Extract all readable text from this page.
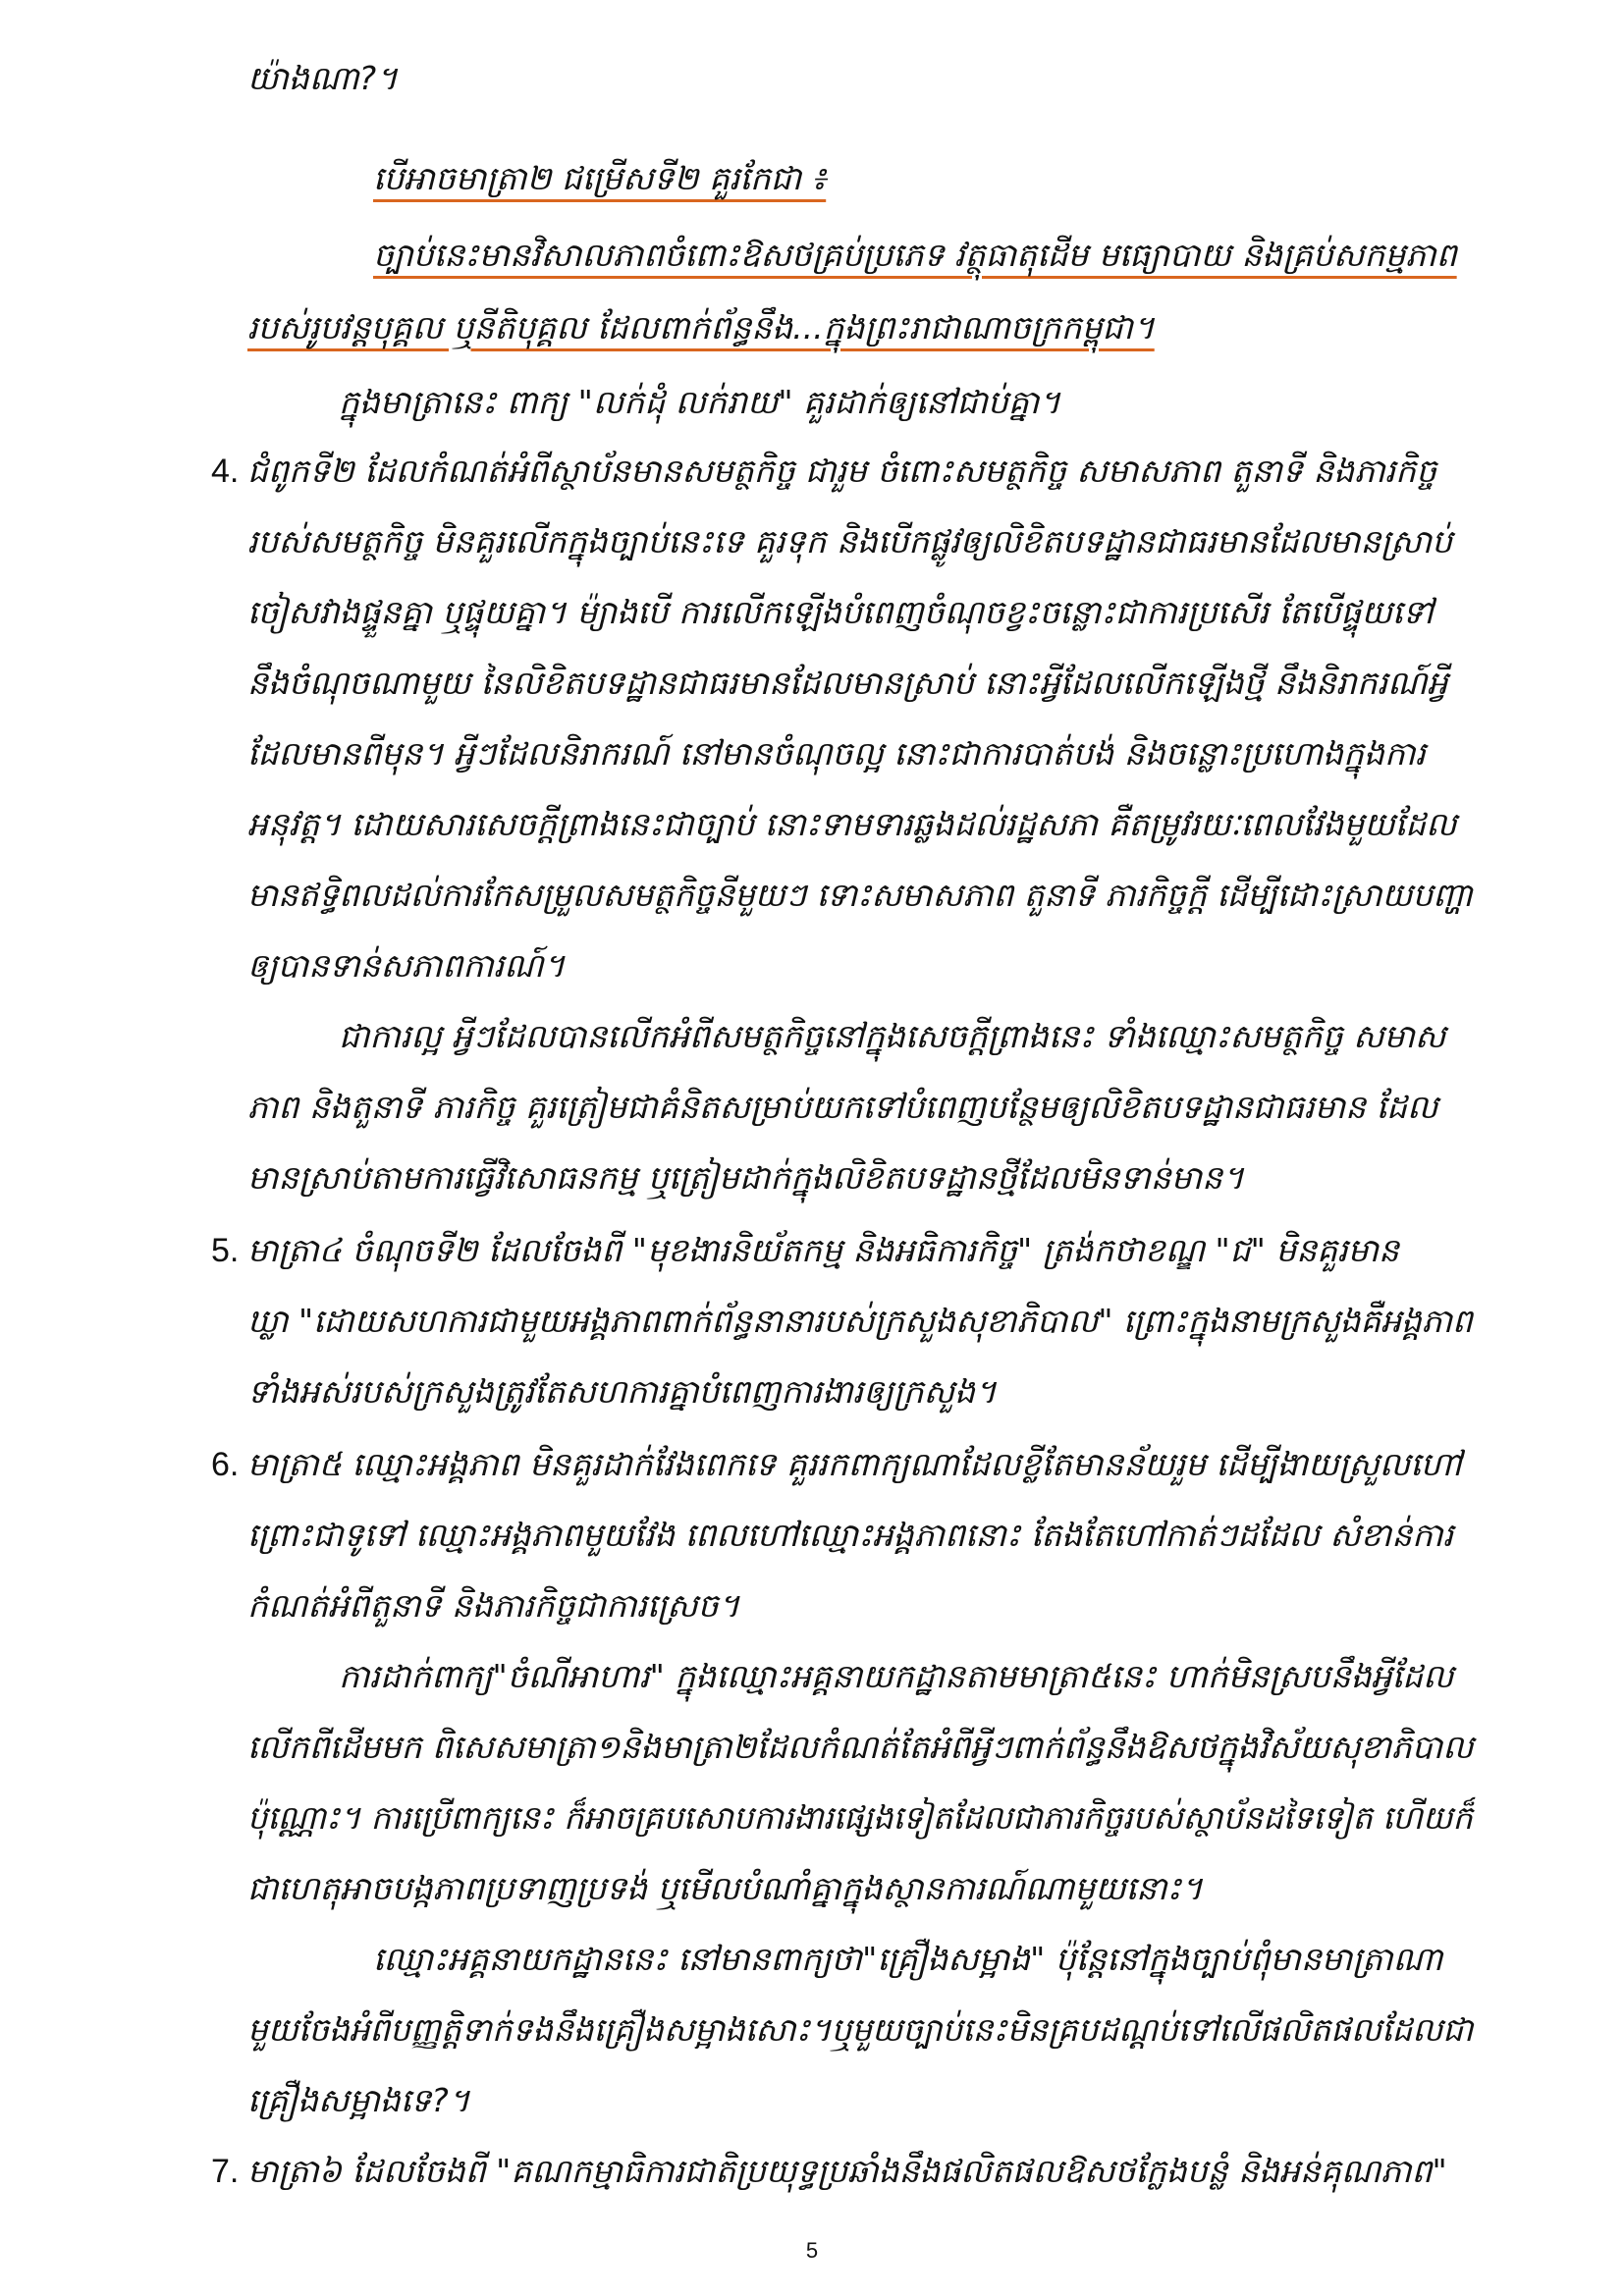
យ៉ាងណា?។
បើអាចមាត្រា២ ជម្រើសទី២ គួរកែជា ៖
ច្បាប់នេះមានវិសាលភាពចំពោះឱសថគ្រប់ប្រភេទ វត្ថុធាតុដើម មធ្យោបាយ និងគ្រប់សកម្មភាព
របស់រូបវន្តបុគ្គល ឬនីតិបុគ្គល ដែលពាក់ព័ន្ធនឹង...ក្នុងព្រះរាជាណាចក្រកម្ពុជា។
ក្នុងមាត្រានេះ ពាក្យ "លក់ដុំ លក់រាយ" គួរដាក់ឲ្យនៅជាប់គ្នា។
4. ជំពូកទី២ ដែលកំណត់អំពីស្ថាប័នមានសមត្ថកិច្ច ជារួម ចំពោះសមត្ថកិច្ច សមាសភាព តួនាទី និងភារកិច្ច
របស់សមត្ថកិច្ច មិនគួរលើកក្នុងច្បាប់នេះទេ គួរទុក និងបើកផ្លូវឲ្យលិខិតបទដ្ឋានជាធរមានដែលមានស្រាប់
ចៀសវាងផ្ទួនគ្នា ឬផ្ទុយគ្នា។ ម៉្យាងបើ ការលើកឡើងបំពេញចំណុចខ្វះចន្លោះជាការប្រសើរ តែបើផ្ទុយទៅ
នឹងចំណុចណាមួយ នៃលិខិតបទដ្ឋានជាធរមានដែលមានស្រាប់ នោះអ្វីដែលលើកឡើងថ្មី នឹងនិរាករណ៍អ្វី
ដែលមានពីមុន។ អ្វីៗដែលនិរាករណ៍ នៅមានចំណុចល្អ នោះជាការបាត់បង់ និងចន្លោះប្រហោងក្នុងការ
អនុវត្ត។ ដោយសារសេចក្តីព្រាងនេះជាច្បាប់ នោះទាមទារឆ្លងដល់រដ្ឋសភា គឺតម្រូវរយៈពេលវែងមួយដែល
មានឥទ្ធិពលដល់ការកែសម្រួលសមត្ថកិច្ចនីមួយៗ ទោះសមាសភាព តួនាទី ភារកិច្ចក្តី ដើម្បីដោះស្រាយបញ្ហា
ឲ្យបានទាន់សភាពការណ៍។
ជាការល្អ អ្វីៗដែលបានលើកអំពីសមត្ថកិច្ចនៅក្នុងសេចក្តីព្រាងនេះ ទាំងឈ្មោះសមត្ថកិច្ច សមាស
ភាព និងតួនាទី ភារកិច្ច គួរត្រៀមជាគំនិតសម្រាប់យកទៅបំពេញបន្ថែមឲ្យលិខិតបទដ្ឋានជាធរមាន ដែល
មានស្រាប់តាមការធ្វើវិសោធនកម្ម ឬត្រៀមដាក់ក្នុងលិខិតបទដ្ឋានថ្មីដែលមិនទាន់មាន។
5. មាត្រា៤ ចំណុចទី២ ដែលចែងពី "មុខងារនិយ័តកម្ម និងអធិការកិច្ច" ត្រង់កថាខណ្ឌ "ជ" មិនគួរមាន
ឃ្លា "ដោយសហការជាមួយអង្គភាពពាក់ព័ន្ធនានារបស់ក្រសួងសុខាភិបាល" ព្រោះក្នុងនាមក្រសួងគឺអង្គភាព
ទាំងអស់របស់ក្រសួងត្រូវតែសហការគ្នាបំពេញការងារឲ្យក្រសួង។
6. មាត្រា៥ ឈ្មោះអង្គភាព មិនគួរដាក់វែងពេកទេ គួររកពាក្យណាដែលខ្លីតែមានន័យរួម ដើម្បីងាយស្រួលហៅ
ព្រោះជាទូទៅ ឈ្មោះអង្គភាពមួយវែង ពេលហៅឈ្មោះអង្គភាពនោះ តែងតែហៅកាត់ៗដដែល សំខាន់ការ
កំណត់អំពីតួនាទី និងភារកិច្ចជាការស្រេច។
ការដាក់ពាក្យ"ចំណីអាហារ" ក្នុងឈ្មោះអគ្គនាយកដ្ឋានតាមមាត្រា៥នេះ ហាក់មិនស្របនឹងអ្វីដែល
លើកពីដើមមក ពិសេសមាត្រា១និងមាត្រា២ដែលកំណត់តែអំពីអ្វីៗពាក់ព័ន្ធនឹងឱសថក្នុងវិស័យសុខាភិបាល
ប៉ុណ្ណោះ។ ការប្រើពាក្យនេះ ក៏អាចគ្របសោបការងារផ្សេងទៀតដែលជាភារកិច្ចរបស់ស្ថាប័នដទៃទៀត ហើយក៏
ជាហេតុអាចបង្កភាពប្រទាញប្រទង់ ឬមើលបំណាំគ្នាក្នុងស្ថានការណ៍ណាមួយនោះ។
ឈ្មោះអគ្គនាយកដ្ឋាននេះ នៅមានពាក្យថា"គ្រឿងសម្អាង" ប៉ុន្តែនៅក្នុងច្បាប់ពុំមានមាត្រាណា
មួយចែងអំពីបញ្ញត្តិទាក់ទងនឹងគ្រឿងសម្អាងសោះ។ឬមួយច្បាប់នេះមិនគ្របដណ្តប់ទៅលើផលិតផលដែលជា
គ្រឿងសម្អាងទេ?។
7. មាត្រា៦ ដែលចែងពី "គណកម្មាធិការជាតិប្រយុទ្ធប្រឆាំងនឹងផលិតផលឱសថក្លែងបន្លំ និងអន់គុណភាព"
5
